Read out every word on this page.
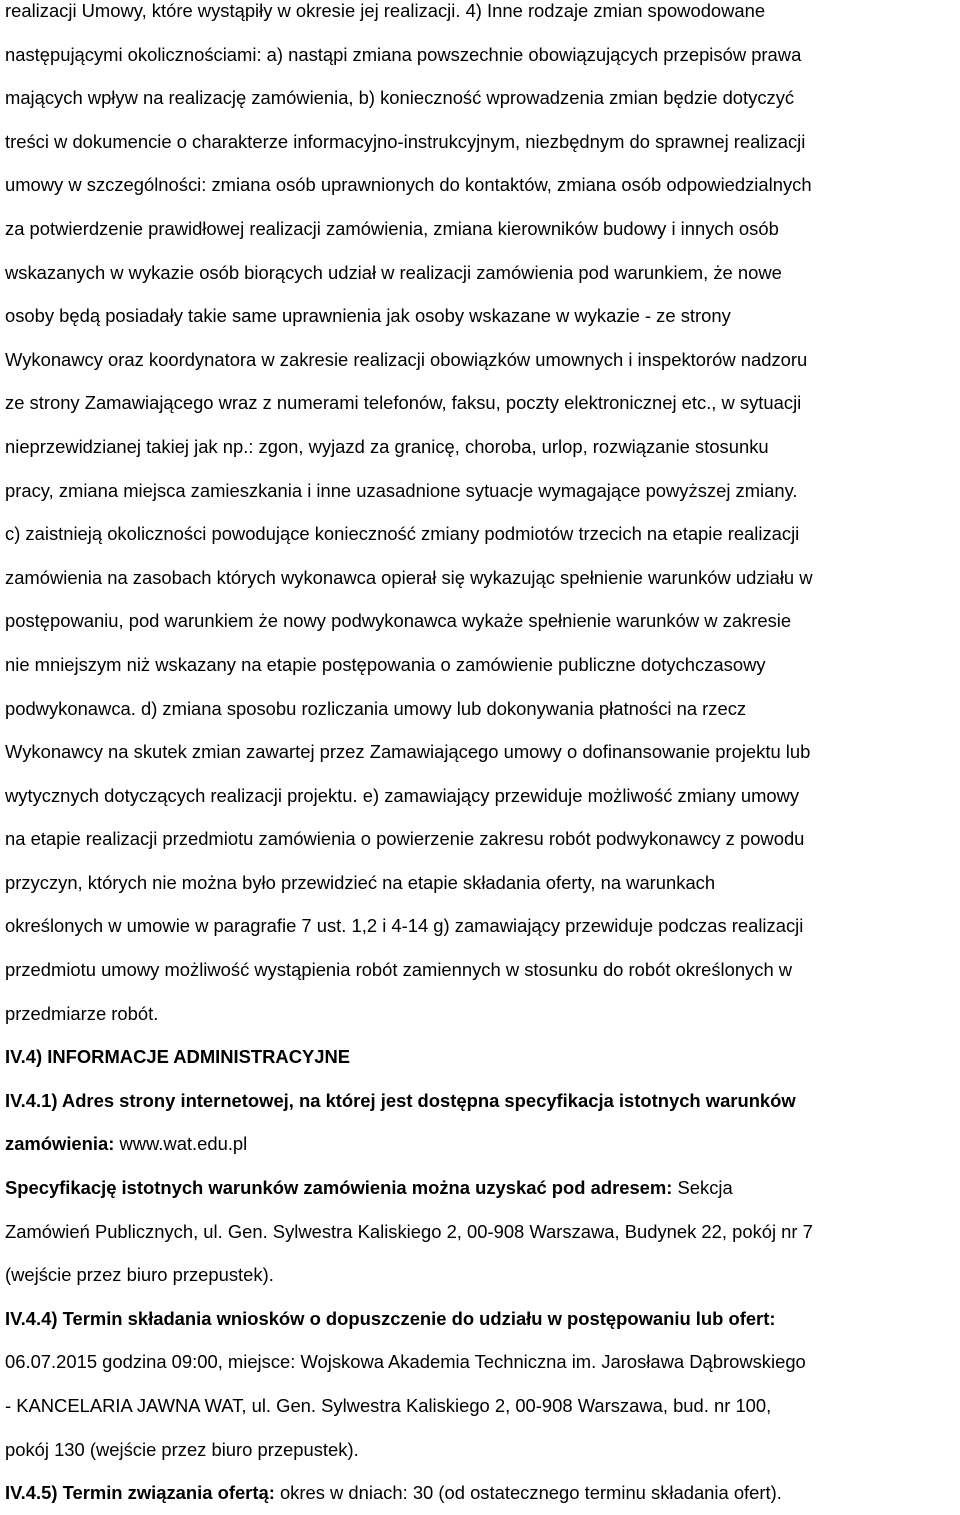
realizacji Umowy, które wystąpiły w okresie jej realizacji. 4) Inne rodzaje zmian spowodowane
następującymi okolicznościami: a) nastąpi zmiana powszechnie obowiązujących przepisów prawa
mających wpływ na realizację zamówienia, b) konieczność wprowadzenia zmian będzie dotyczyć
treści w dokumencie o charakterze informacyjno-instrukcyjnym, niezbędnym do sprawnej realizacji
umowy w szczególności: zmiana osób uprawnionych do kontaktów, zmiana osób odpowiedzialnych
za potwierdzenie prawidłowej realizacji zamówienia, zmiana kierowników budowy i innych osób
wskazanych w wykazie osób biorących udział w realizacji zamówienia pod warunkiem, że nowe
osoby będą posiadały takie same uprawnienia jak osoby wskazane w wykazie - ze strony
Wykonawcy oraz koordynatora w zakresie realizacji obowiązków umownych i inspektorów nadzoru
ze strony Zamawiającego wraz z numerami telefonów, faksu, poczty elektronicznej etc., w sytuacji
nieprzewidzianej takiej jak np.: zgon, wyjazd za granicę, choroba, urlop, rozwiązanie stosunku
pracy, zmiana miejsca zamieszkania i inne uzasadnione sytuacje wymagające powyższej zmiany.
c) zaistnieją okoliczności powodujące konieczność zmiany podmiotów trzecich na etapie realizacji
zamówienia na zasobach których wykonawca opierał się wykazując spełnienie warunków udziału w
postępowaniu, pod warunkiem że nowy podwykonawca wykaże spełnienie warunków w zakresie
nie mniejszym niż wskazany na etapie postępowania o zamówienie publiczne dotychczasowy
podwykonawca. d) zmiana sposobu rozliczania umowy lub dokonywania płatności na rzecz
Wykonawcy na skutek zmian zawartej przez Zamawiającego umowy o dofinansowanie projektu lub
wytycznych dotyczących realizacji projektu. e) zamawiający przewiduje możliwość zmiany umowy
na etapie realizacji przedmiotu zamówienia o powierzenie zakresu robót podwykonawcy z powodu
przyczyn, których nie można było przewidzieć na etapie składania oferty, na warunkach
określonych w umowie w paragrafie 7 ust. 1,2 i 4-14 g) zamawiający przewiduje podczas realizacji
przedmiotu umowy możliwość wystąpienia robót zamiennych w stosunku do robót określonych w
przedmiarze robót.
IV.4) INFORMACJE ADMINISTRACYJNE
IV.4.1) Adres strony internetowej, na której jest dostępna specyfikacja istotnych warunków
zamówienia: www.wat.edu.pl
Specyfikację istotnych warunków zamówienia można uzyskać pod adresem: Sekcja
Zamówień Publicznych, ul. Gen. Sylwestra Kaliskiego 2, 00-908 Warszawa, Budynek 22, pokój nr 7
(wejście przez biuro przepustek).
IV.4.4) Termin składania wniosków o dopuszczenie do udziału w postępowaniu lub ofert:
06.07.2015 godzina 09:00, miejsce: Wojskowa Akademia Techniczna im. Jarosława Dąbrowskiego
- KANCELARIA JAWNA WAT, ul. Gen. Sylwestra Kaliskiego 2, 00-908 Warszawa, bud. nr 100,
pokój 130 (wejście przez biuro przepustek).
IV.4.5) Termin związania ofertą: okres w dniach: 30 (od ostatecznego terminu składania ofert).
